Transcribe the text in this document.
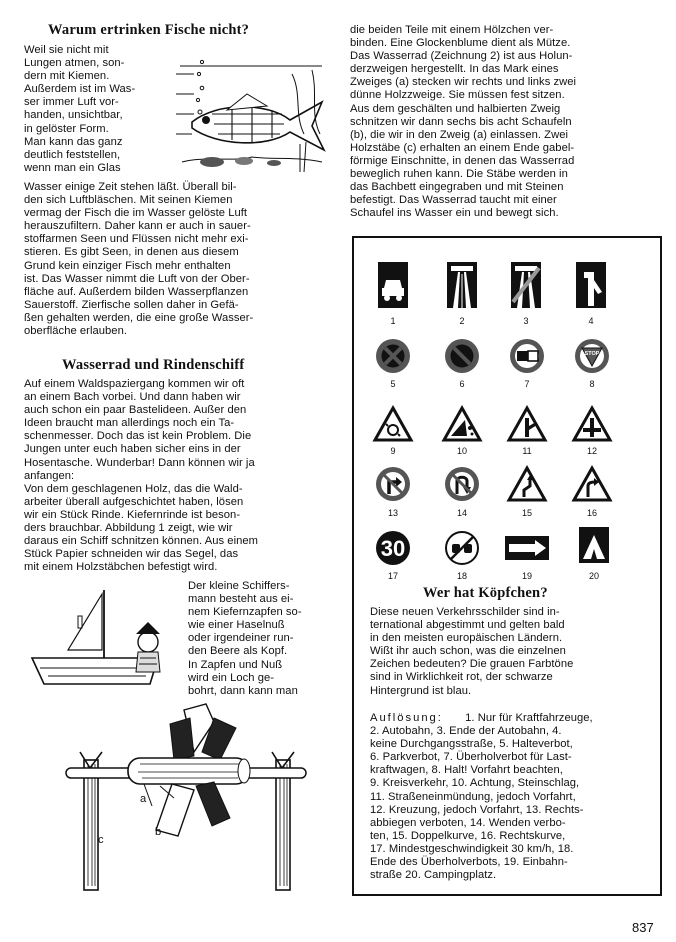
Warum ertrinken Fische nicht?
Weil sie nicht mit
Lungen atmen, son-
dern mit Kiemen.
Außerdem ist im Was-
ser immer Luft vor-
handen, unsichtbar,
in gelöster Form.
Man kann das ganz
deutlich feststellen,
wenn man ein Glas
Wasser einige Zeit stehen läßt. Überall bil-
den sich Luftbläschen. Mit seinen Kiemen
vermag der Fisch die im Wasser gelöste Luft
herauszufiltern. Daher kann er auch in sauer-
stoffarmen Seen und Flüssen nicht mehr exi-
stieren. Es gibt Seen, in denen aus diesem
Grund kein einziger Fisch mehr enthalten
ist. Das Wasser nimmt die Luft von der Ober-
fläche auf. Außerdem bilden Wasserpflanzen
Sauerstoff. Zierfische sollen daher in Gefä-
ßen gehalten werden, die eine große Wasser-
oberfläche erlauben.
Wasserrad und Rindenschiff
Auf einem Waldspaziergang kommen wir oft
an einem Bach vorbei. Und dann haben wir
auch schon ein paar Bastelideen. Außer den
Ideen braucht man allerdings noch ein Ta-
schenmesser. Doch das ist kein Problem. Die
Jungen unter euch haben sicher eins in der
Hosentasche. Wunderbar! Dann können wir ja
anfangen:
Von dem geschlagenen Holz, das die Wald-
arbeiter überall aufgeschichtet haben, lösen
wir ein Stück Rinde. Kiefernrinde ist beson-
ders brauchbar. Abbildung 1 zeigt, wie wir
daraus ein Schiff schnitzen können. Aus einem
Stück Papier schneiden wir das Segel, das
mit einem Holzstäbchen befestigt wird.
Der kleine Schiffers-
mann besteht aus ei-
nem Kiefernzapfen so-
wie einer Haselnuß
oder irgendeiner run-
den Beere als Kopf.
In Zapfen und Nuß
wird ein Loch ge-
bohrt, dann kann man
die beiden Teile mit einem Hölzchen ver-
binden. Eine Glockenblume dient als Mütze.
Das Wasserrad (Zeichnung 2) ist aus Holun-
derzweigen hergestellt. In das Mark eines
Zweiges (a) stecken wir rechts und links zwei
dünne Holzzweige. Sie müssen fest sitzen.
Aus dem geschälten und halbierten Zweig
schnitzen wir dann sechs bis acht Schaufeln
(b), die wir in den Zweig (a) einlassen. Zwei
Holzstäbe (c) erhalten an einem Ende gabel-
förmige Einschnitte, in denen das Wasserrad
beweglich ruhen kann. Die Stäbe werden in
das Bachbett eingegraben und mit Steinen
befestigt. Das Wasserrad taucht mit einer
Schaufel ins Wasser ein und bewegt sich.
a
b
c
STOP
30
1	2	3	4
5	6	7	8
9	10	11	12
13	14	15	16
17	18	19	20
Wer hat Köpfchen?
Diese neuen Verkehrsschilder sind in-
ternational abgestimmt und gelten bald
in den meisten europäischen Ländern.
Wißt ihr auch schon, was die einzelnen
Zeichen bedeuten? Die grauen Farbtöne
sind in Wirklichkeit rot, der schwarze
Hintergrund ist blau.
Auflösung:	1. Nur für Kraftfahrzeuge,
2. Autobahn, 3. Ende der Autobahn, 4.
keine Durchgangsstraße, 5. Halteverbot,
6. Parkverbot, 7. Überholverbot für Last-
kraftwagen, 8. Halt! Vorfahrt beachten,
9. Kreisverkehr, 10. Achtung, Steinschlag,
11. Straßeneinmündung, jedoch Vorfahrt,
12. Kreuzung, jedoch Vorfahrt, 13. Rechts-
abbiegen verboten, 14. Wenden verbo-
ten, 15. Doppelkurve, 16. Rechtskurve,
17. Mindestgeschwindigkeit 30 km/h, 18.
Ende des Überholverbots, 19. Einbahn-
straße 20. Campingplatz.
837
